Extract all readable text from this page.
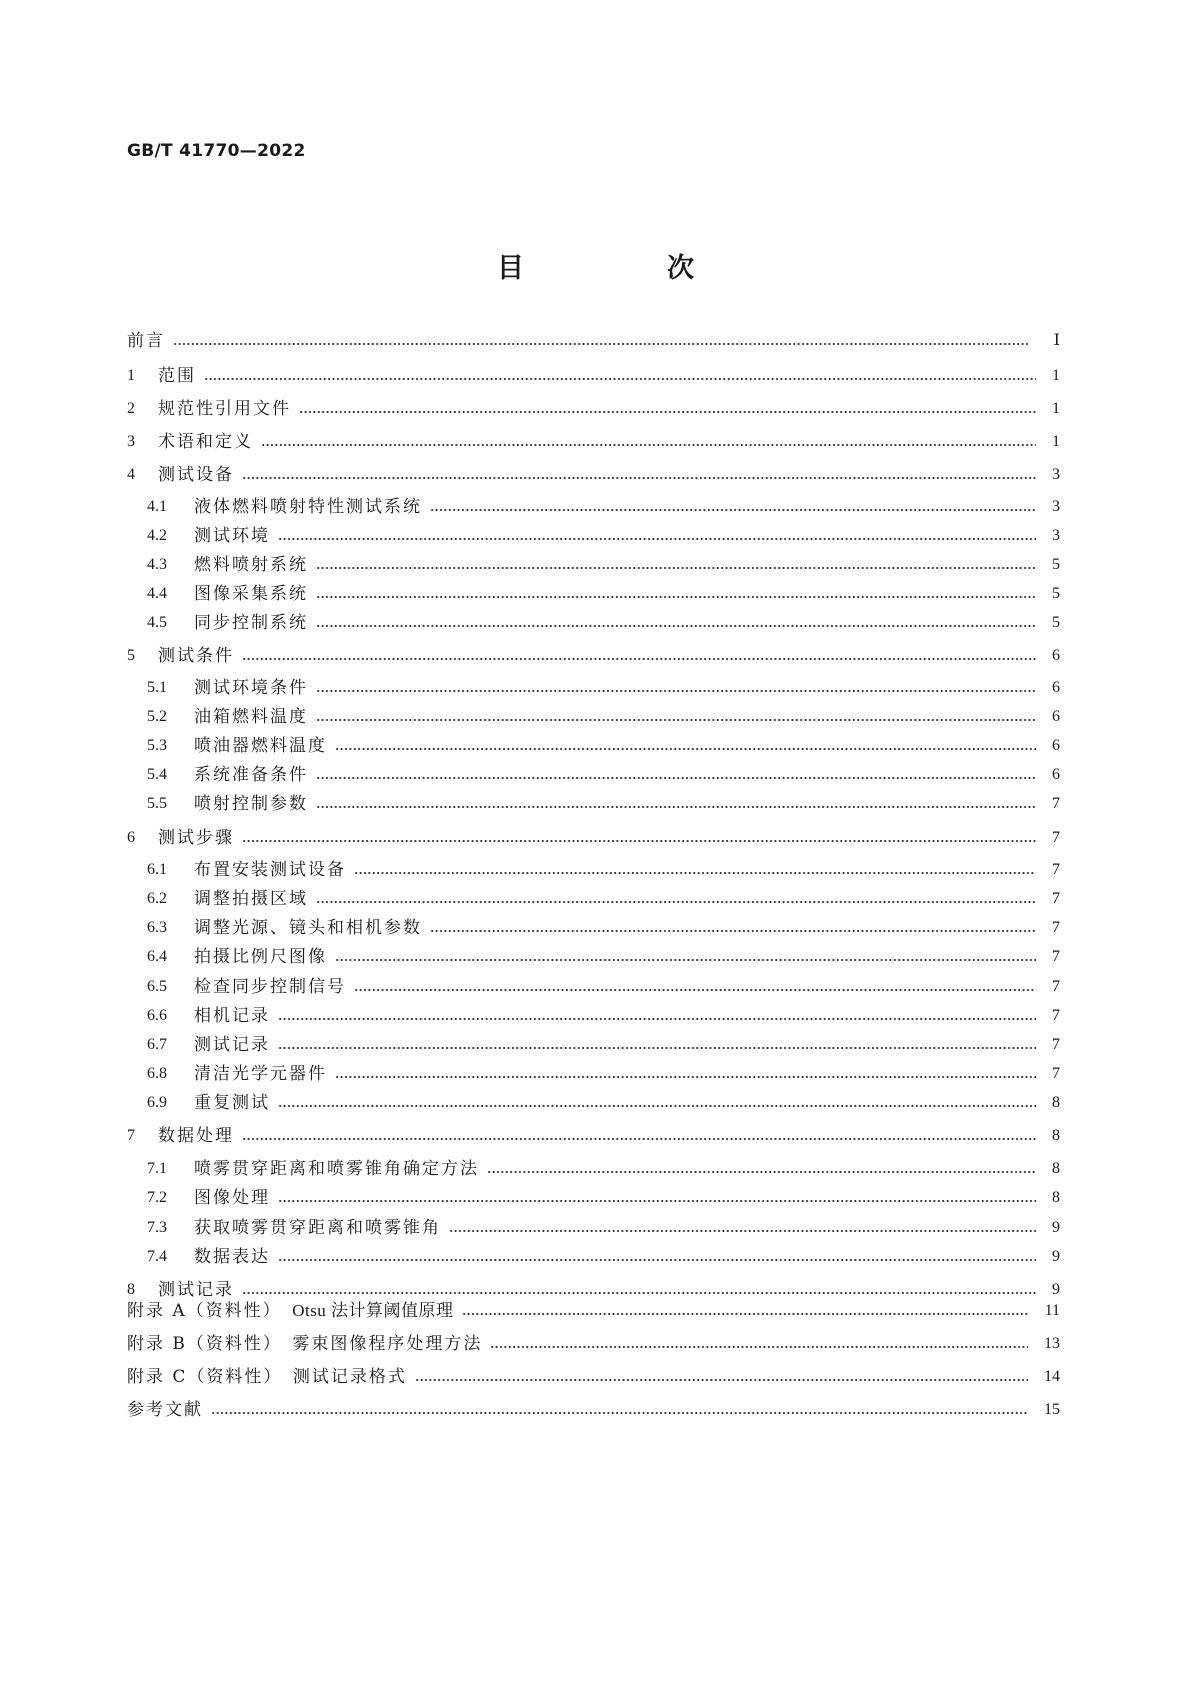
GB/T 41770—2022
目　次
前言	Ⅰ
1	范围	1
2	规范性引用文件	1
3	术语和定义	1
4	测试设备	3
4.1	液体燃料喷射特性测试系统	3
4.2	测试环境	3
4.3	燃料喷射系统	5
4.4	图像采集系统	5
4.5	同步控制系统	5
5	测试条件	6
5.1	测试环境条件	6
5.2	油箱燃料温度	6
5.3	喷油器燃料温度	6
5.4	系统准备条件	6
5.5	喷射控制参数	7
6	测试步骤	7
6.1	布置安装测试设备	7
6.2	调整拍摄区域	7
6.3	调整光源、镜头和相机参数	7
6.4	拍摄比例尺图像	7
6.5	检查同步控制信号	7
6.6	相机记录	7
6.7	测试记录	7
6.8	清洁光学元器件	7
6.9	重复测试	8
7	数据处理	8
7.1	喷雾贯穿距离和喷雾锥角确定方法	8
7.2	图像处理	8
7.3	获取喷雾贯穿距离和喷雾锥角	9
7.4	数据表达	9
8	测试记录	9
附录 A（资料性）　 Otsu 法计算阈值原理	11
附录 B（资料性）　 雾束图像程序处理方法	13
附录 C（资料性）　 测试记录格式	14
参考文献	15
